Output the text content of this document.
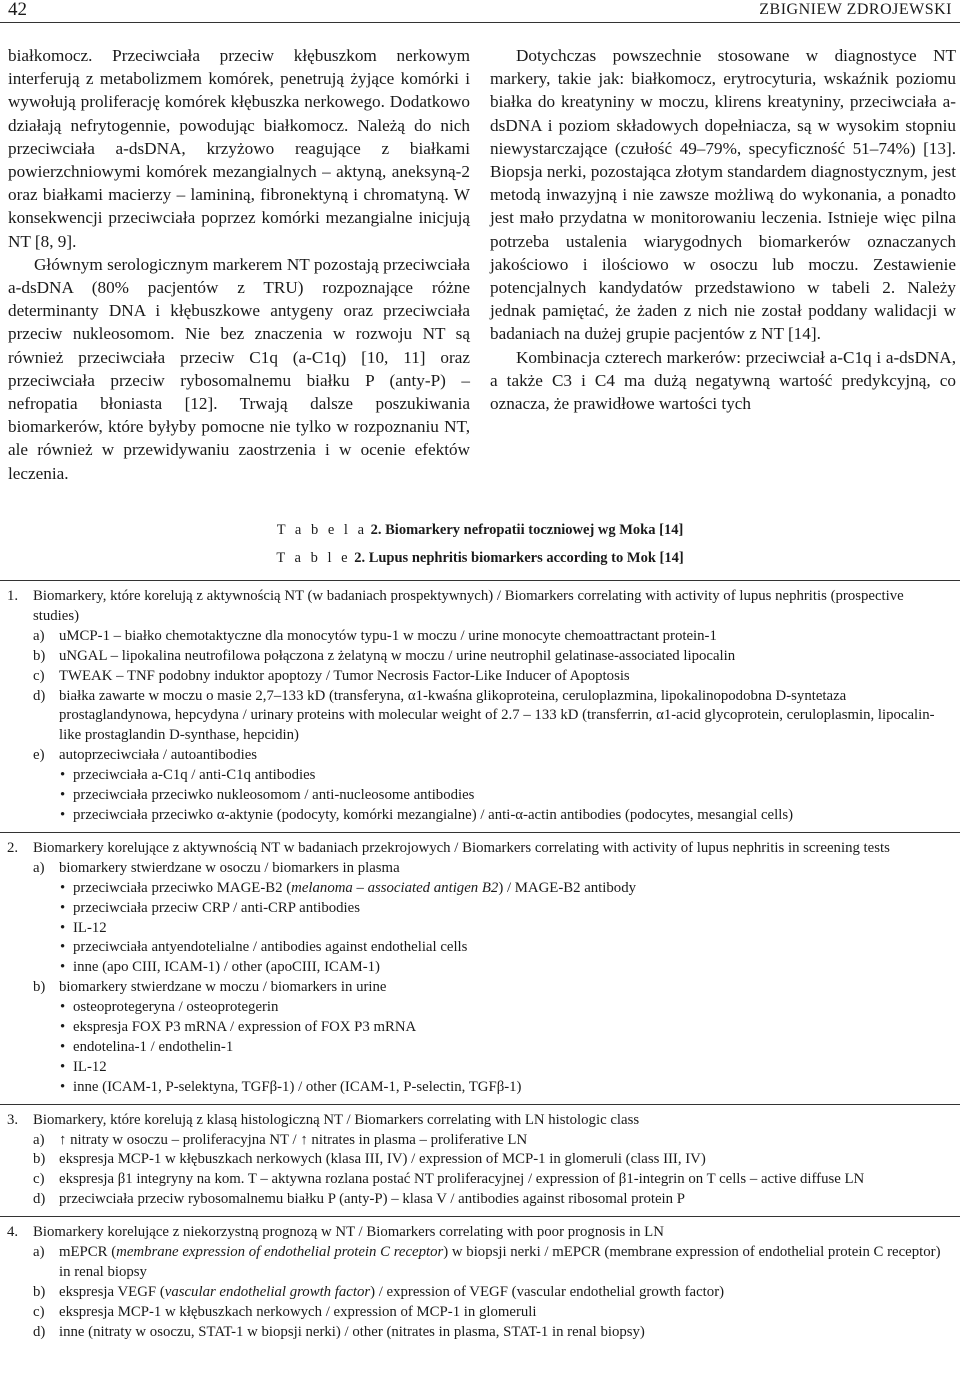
42	ZBIGNIEW ZDROJEWSKI

białkomocz. Przeciwciała przeciw kłębuszkom nerkowym interferują z metabolizmem komórek, penetrują żyjące komórki i wywołują proliferację komórek kłębuszka nerkowego. Dodatkowo działają nefrytogennie, powodując białkomocz. Należą do nich przeciwciała a-dsDNA, krzyżowo reagujące z białkami powierzchniowymi komórek mezangialnych – aktyną, aneksyną-2 oraz białkami macierzy – lamininą, fibronektyną i chromatyną. W konsekwencji przeciwciała poprzez komórki mezangialne inicjują NT [8, 9].

Głównym serologicznym markerem NT pozostają przeciwciała a-dsDNA (80% pacjentów z TRU) rozpoznające różne determinanty DNA i kłębuszkowe antygeny oraz przeciwciała przeciw nukleosomom. Nie bez znaczenia w rozwoju NT są również przeciwciała przeciw C1q (a-C1q) [10, 11] oraz przeciwciała przeciw rybosomalnemu białku P (anty-P) – nefropatia błoniasta [12]. Trwają dalsze poszukiwania biomarkerów, które byłyby pomocne nie tylko w rozpoznaniu NT, ale również w przewidywaniu zaostrzenia i w ocenie efektów leczenia.

Dotychczas powszechnie stosowane w diagnostyce NT markery, takie jak: białkomocz, erytrocyturia, wskaźnik poziomu białka do kreatyniny w moczu, klirens kreatyniny, przeciwciała a-dsDNA i poziom składowych dopełniacza, są w wysokim stopniu niewystarczające (czułość 49–79%, specyficzność 51–74%) [13]. Biopsja nerki, pozostająca złotym standardem diagnostycznym, jest metodą inwazyjną i nie zawsze możliwą do wykonania, a ponadto jest mało przydatna w monitorowaniu leczenia. Istnieje więc pilna potrzeba ustalenia wiarygodnych biomarkerów oznaczanych jakościowo i ilościowo w osoczu lub moczu. Zestawienie potencjalnych kandydatów przedstawiono w tabeli 2. Należy jednak pamiętać, że żaden z nich nie został poddany walidacji w badaniach na dużej grupie pacjentów z NT [14].

Kombinacja czterech markerów: przeciwciał a-C1q i a-dsDNA, a także C3 i C4 ma dużą negatywną wartość predykcyjną, co oznacza, że prawidłowe wartości tych

T a b e l a 2. Biomarkery nefropatii toczniowej wg Moka [14]
T a b l e 2. Lupus nephritis biomarkers according to Mok [14]
1.	Biomarkery, które korelują z aktywnością NT (w badaniach prospektywnych) / Biomarkers correlating with activity of lupus nephritis (prospective studies)
a) uMCP-1 – białko chemotaktyczne dla monocytów typu-1 w moczu / urine monocyte chemoattractant protein-1
b) uNGAL – lipokalina neutrofilowa połączona z żelatyną w moczu / urine neutrophil gelatinase-associated lipocalin
c) TWEAK – TNF podobny induktor apoptozy / Tumor Necrosis Factor-Like Inducer of Apoptosis
d) białka zawarte w moczu o masie 2,7–133 kD (transferyna, α1-kwaśna glikoproteina, ceruloplazmina, lipokalinopodobna D-syntetaza prostaglandynowa, hepcydyna / urinary proteins with molecular weight of 2.7 – 133 kD (transferrin, α1-acid glycoprotein, ceruloplasmin, lipocalin-like prostaglandin D-synthase, hepcidin)
e) autoprzeciwciała / autoantibodies
• przeciwciała a-C1q / anti-C1q antibodies
• przeciwciała przeciwko nukleosomom / anti-nucleosome antibodies
• przeciwciała przeciwko α-aktynie (podocyty, komórki mezangialne) / anti-α-actin antibodies (podocytes, mesangial cells)
2.	Biomarkery korelujące z aktywnością NT w badaniach przekrojowych / Biomarkers correlating with activity of lupus nephritis in screening tests
a) biomarkery stwierdzane w osoczu / biomarkers in plasma
• przeciwciała przeciwko MAGE-B2 (melanoma – associated antigen B2) / MAGE-B2 antibody
• przeciwciała przeciw CRP / anti-CRP antibodies
• IL-12
• przeciwciała antyendotelialne / antibodies against endothelial cells
• inne (apo CIII, ICAM-1) / other (apoCIII, ICAM-1)
b) biomarkery stwierdzane w moczu / biomarkers in urine
• osteoprotegeryna / osteoprotegerin
• ekspresja FOX P3 mRNA / expression of FOX P3 mRNA
• endotelina-1 / endothelin-1
• IL-12
• inne (ICAM-1, P-selektyna, TGFβ-1) / other (ICAM-1, P-selectin, TGFβ-1)
3.	Biomarkery, które korelują z klasą histologiczną NT / Biomarkers correlating with LN histologic class
a) ↑ nitraty w osoczu – proliferacyjna NT / ↑ nitrates in plasma – proliferative LN
b) ekspresja MCP-1 w kłębuszkach nerkowych (klasa III, IV) / expression of MCP-1 in glomeruli (class III, IV)
c) ekspresja β1 integryny na kom. T – aktywna rozlana postać NT proliferacyjnej / expression of β1-integrin on T cells – active diffuse LN
d) przeciwciała przeciw rybosomalnemu białku P (anty-P) – klasa V / antibodies against ribosomal protein P
4.	Biomarkery korelujące z niekorzystną prognozą w NT / Biomarkers correlating with poor prognosis in LN
a) mEPCR (membrane expression of endothelial protein C receptor) w biopsji nerki / mEPCR (membrane expression of endothelial protein C receptor) in renal biopsy
b) ekspresja VEGF (vascular endothelial growth factor) / expression of VEGF (vascular endothelial growth factor)
c) ekspresja MCP-1 w kłębuszkach nerkowych / expression of MCP-1 in glomeruli
d) inne (nitraty w osoczu, STAT-1 w biopsji nerki) / other (nitrates in plasma, STAT-1 in renal biopsy)
